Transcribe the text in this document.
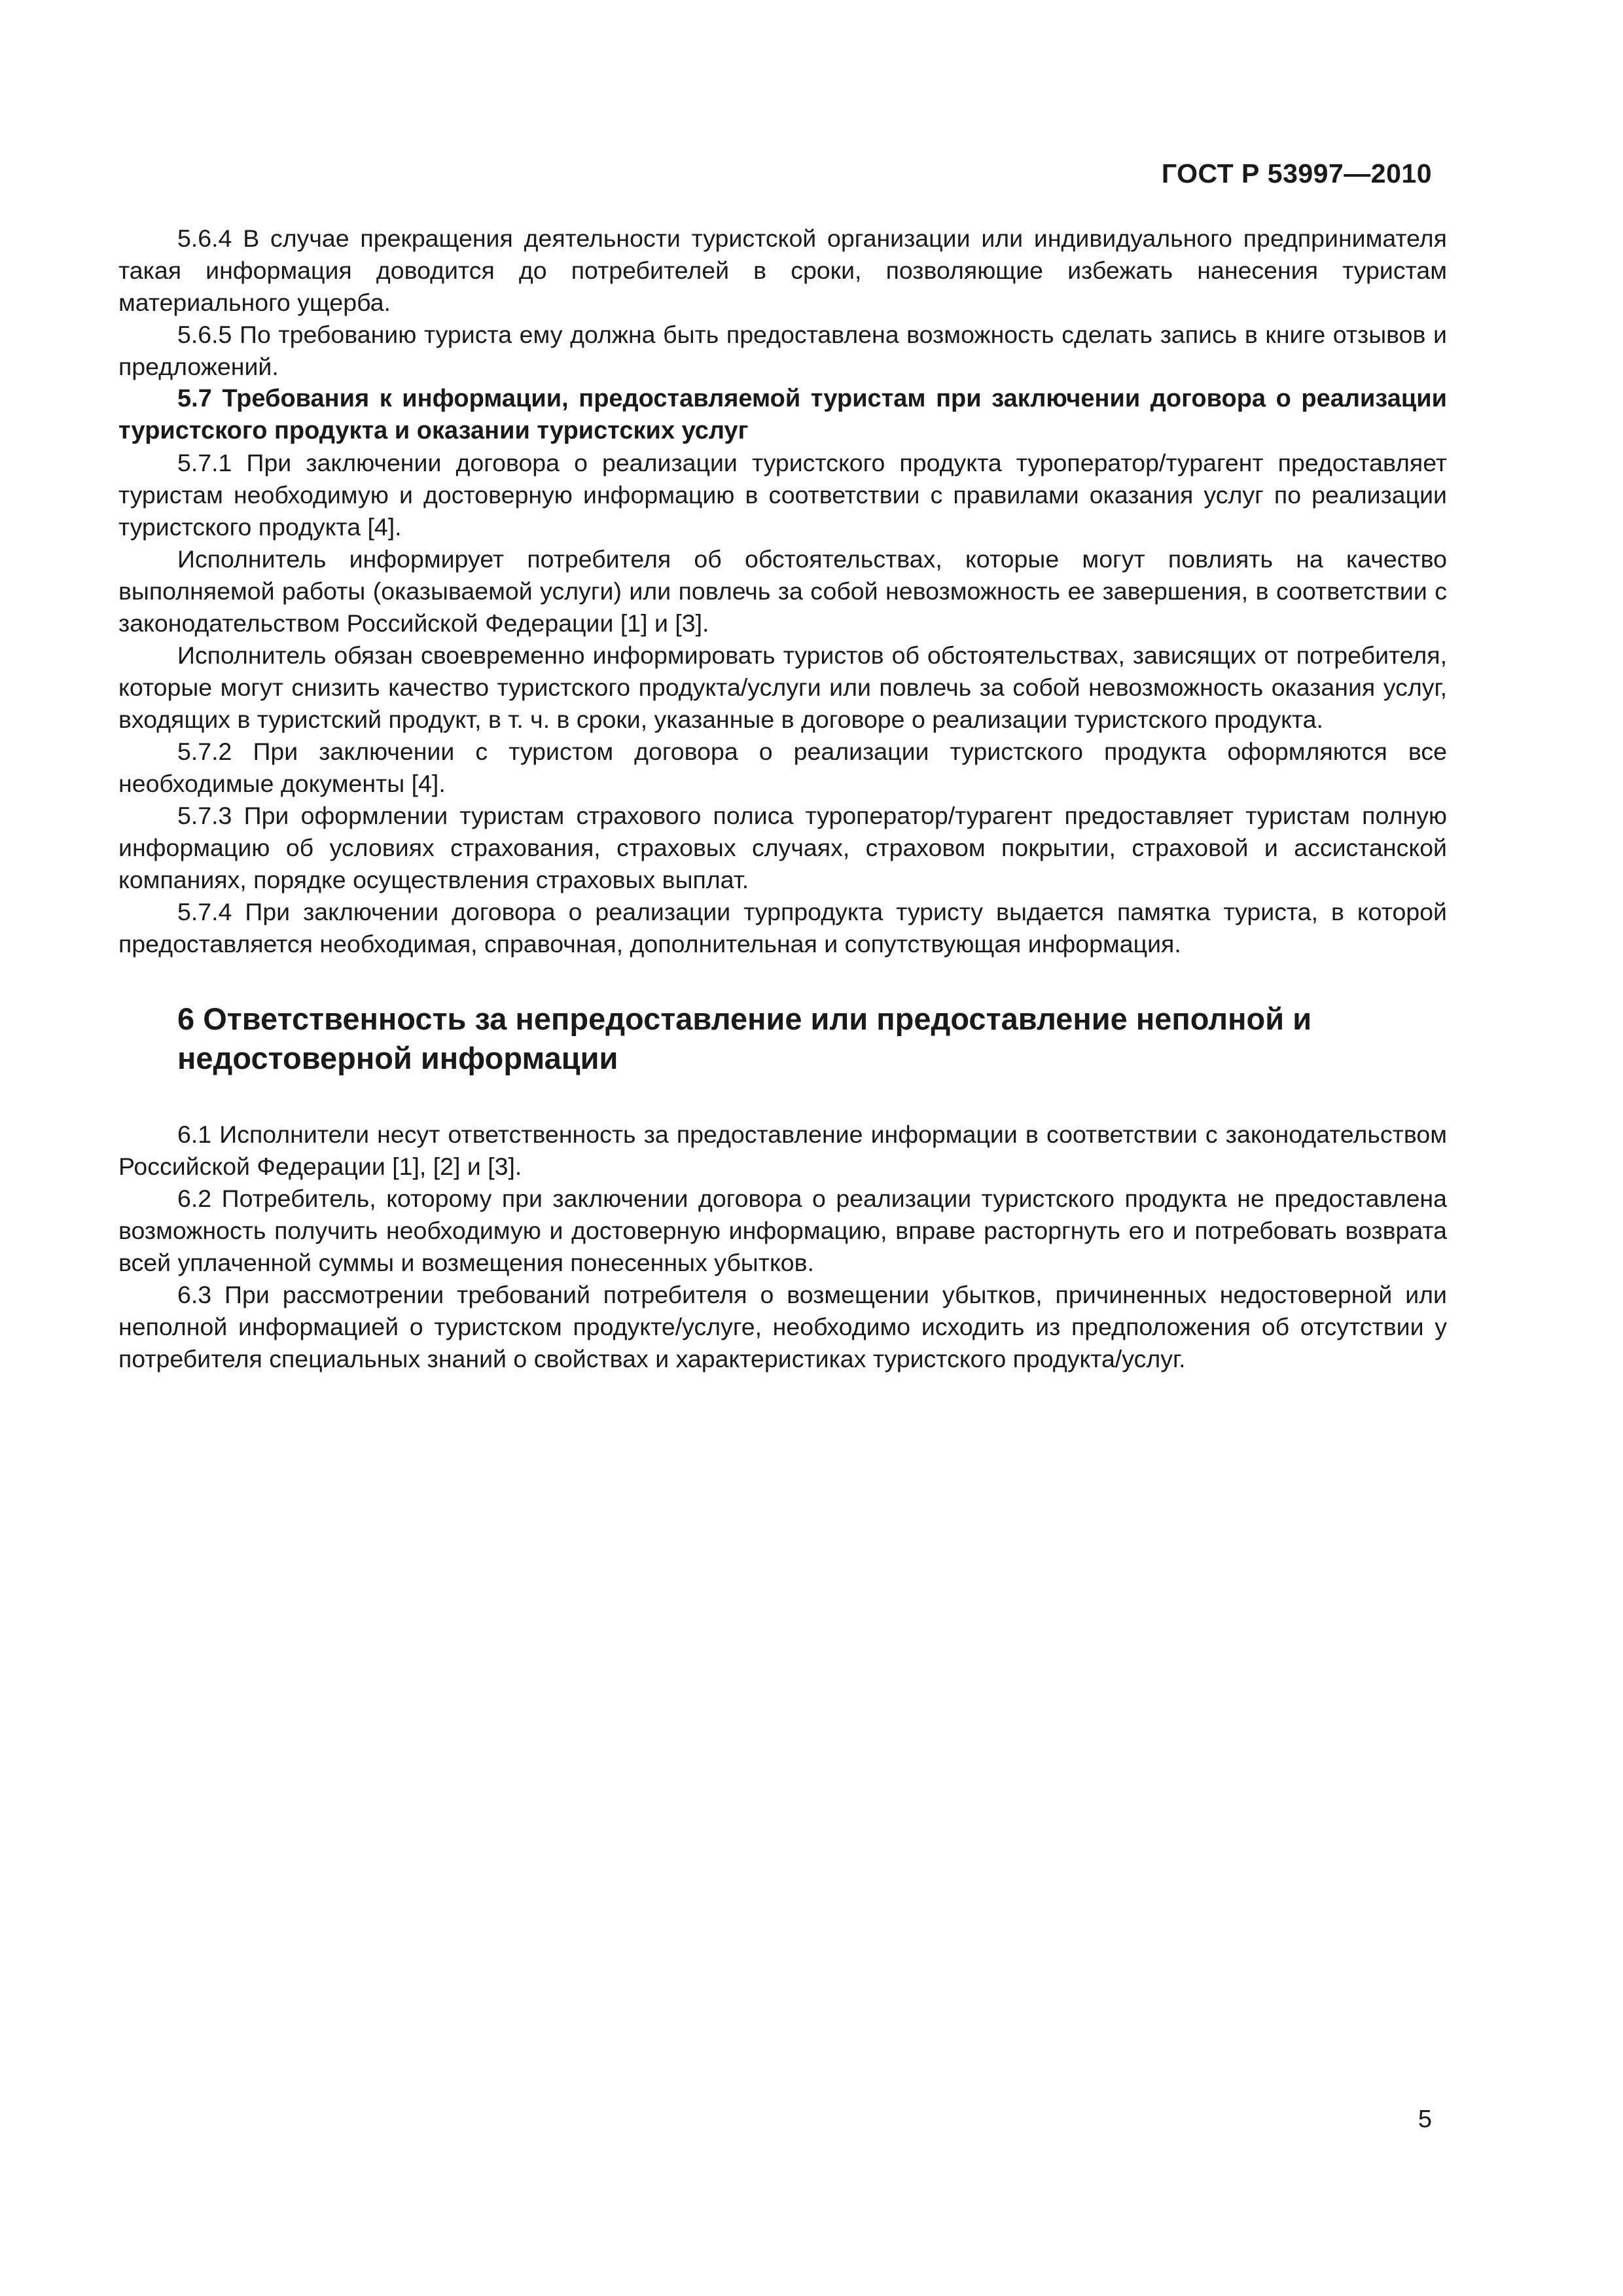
ГОСТ Р 53997—2010

5.6.4 В случае прекращения деятельности туристской организации или индивидуального предпринимателя такая информация доводится до потребителей в сроки, позволяющие избежать нанесения туристам материального ущерба.

5.6.5 По требованию туриста ему должна быть предоставлена возможность сделать запись в книге отзывов и предложений.

5.7 Требования к информации, предоставляемой туристам при заключении договора о реализации туристского продукта и оказании туристских услуг

5.7.1 При заключении договора о реализации туристского продукта туроператор/турагент предоставляет туристам необходимую и достоверную информацию в соответствии с правилами оказания услуг по реализации туристского продукта [4].

Исполнитель информирует потребителя об обстоятельствах, которые могут повлиять на качество выполняемой работы (оказываемой услуги) или повлечь за собой невозможность ее завершения, в соответствии с законодательством Российской Федерации [1] и [3].

Исполнитель обязан своевременно информировать туристов об обстоятельствах, зависящих от потребителя, которые могут снизить качество туристского продукта/услуги или повлечь за собой невозможность оказания услуг, входящих в туристский продукт, в т. ч. в сроки, указанные в договоре о реализации туристского продукта.

5.7.2 При заключении с туристом договора о реализации туристского продукта оформляются все необходимые документы [4].

5.7.3 При оформлении туристам страхового полиса туроператор/турагент предоставляет туристам полную информацию об условиях страхования, страховых случаях, страховом покрытии, страховой и ассистанской компаниях, порядке осуществления страховых выплат.

5.7.4 При заключении договора о реализации турпродукта туристу выдается памятка туриста, в которой предоставляется необходимая, справочная, дополнительная и сопутствующая информация.

6 Ответственность за непредоставление или предоставление неполной и недостоверной информации

6.1 Исполнители несут ответственность за предоставление информации в соответствии с законодательством Российской Федерации [1], [2] и [3].

6.2 Потребитель, которому при заключении договора о реализации туристского продукта не предоставлена возможность получить необходимую и достоверную информацию, вправе расторгнуть его и потребовать возврата всей уплаченной суммы и возмещения понесенных убытков.

6.3 При рассмотрении требований потребителя о возмещении убытков, причиненных недостоверной или неполной информацией о туристском продукте/услуге, необходимо исходить из предположения об отсутствии у потребителя специальных знаний о свойствах и характеристиках туристского продукта/услуг.

5
